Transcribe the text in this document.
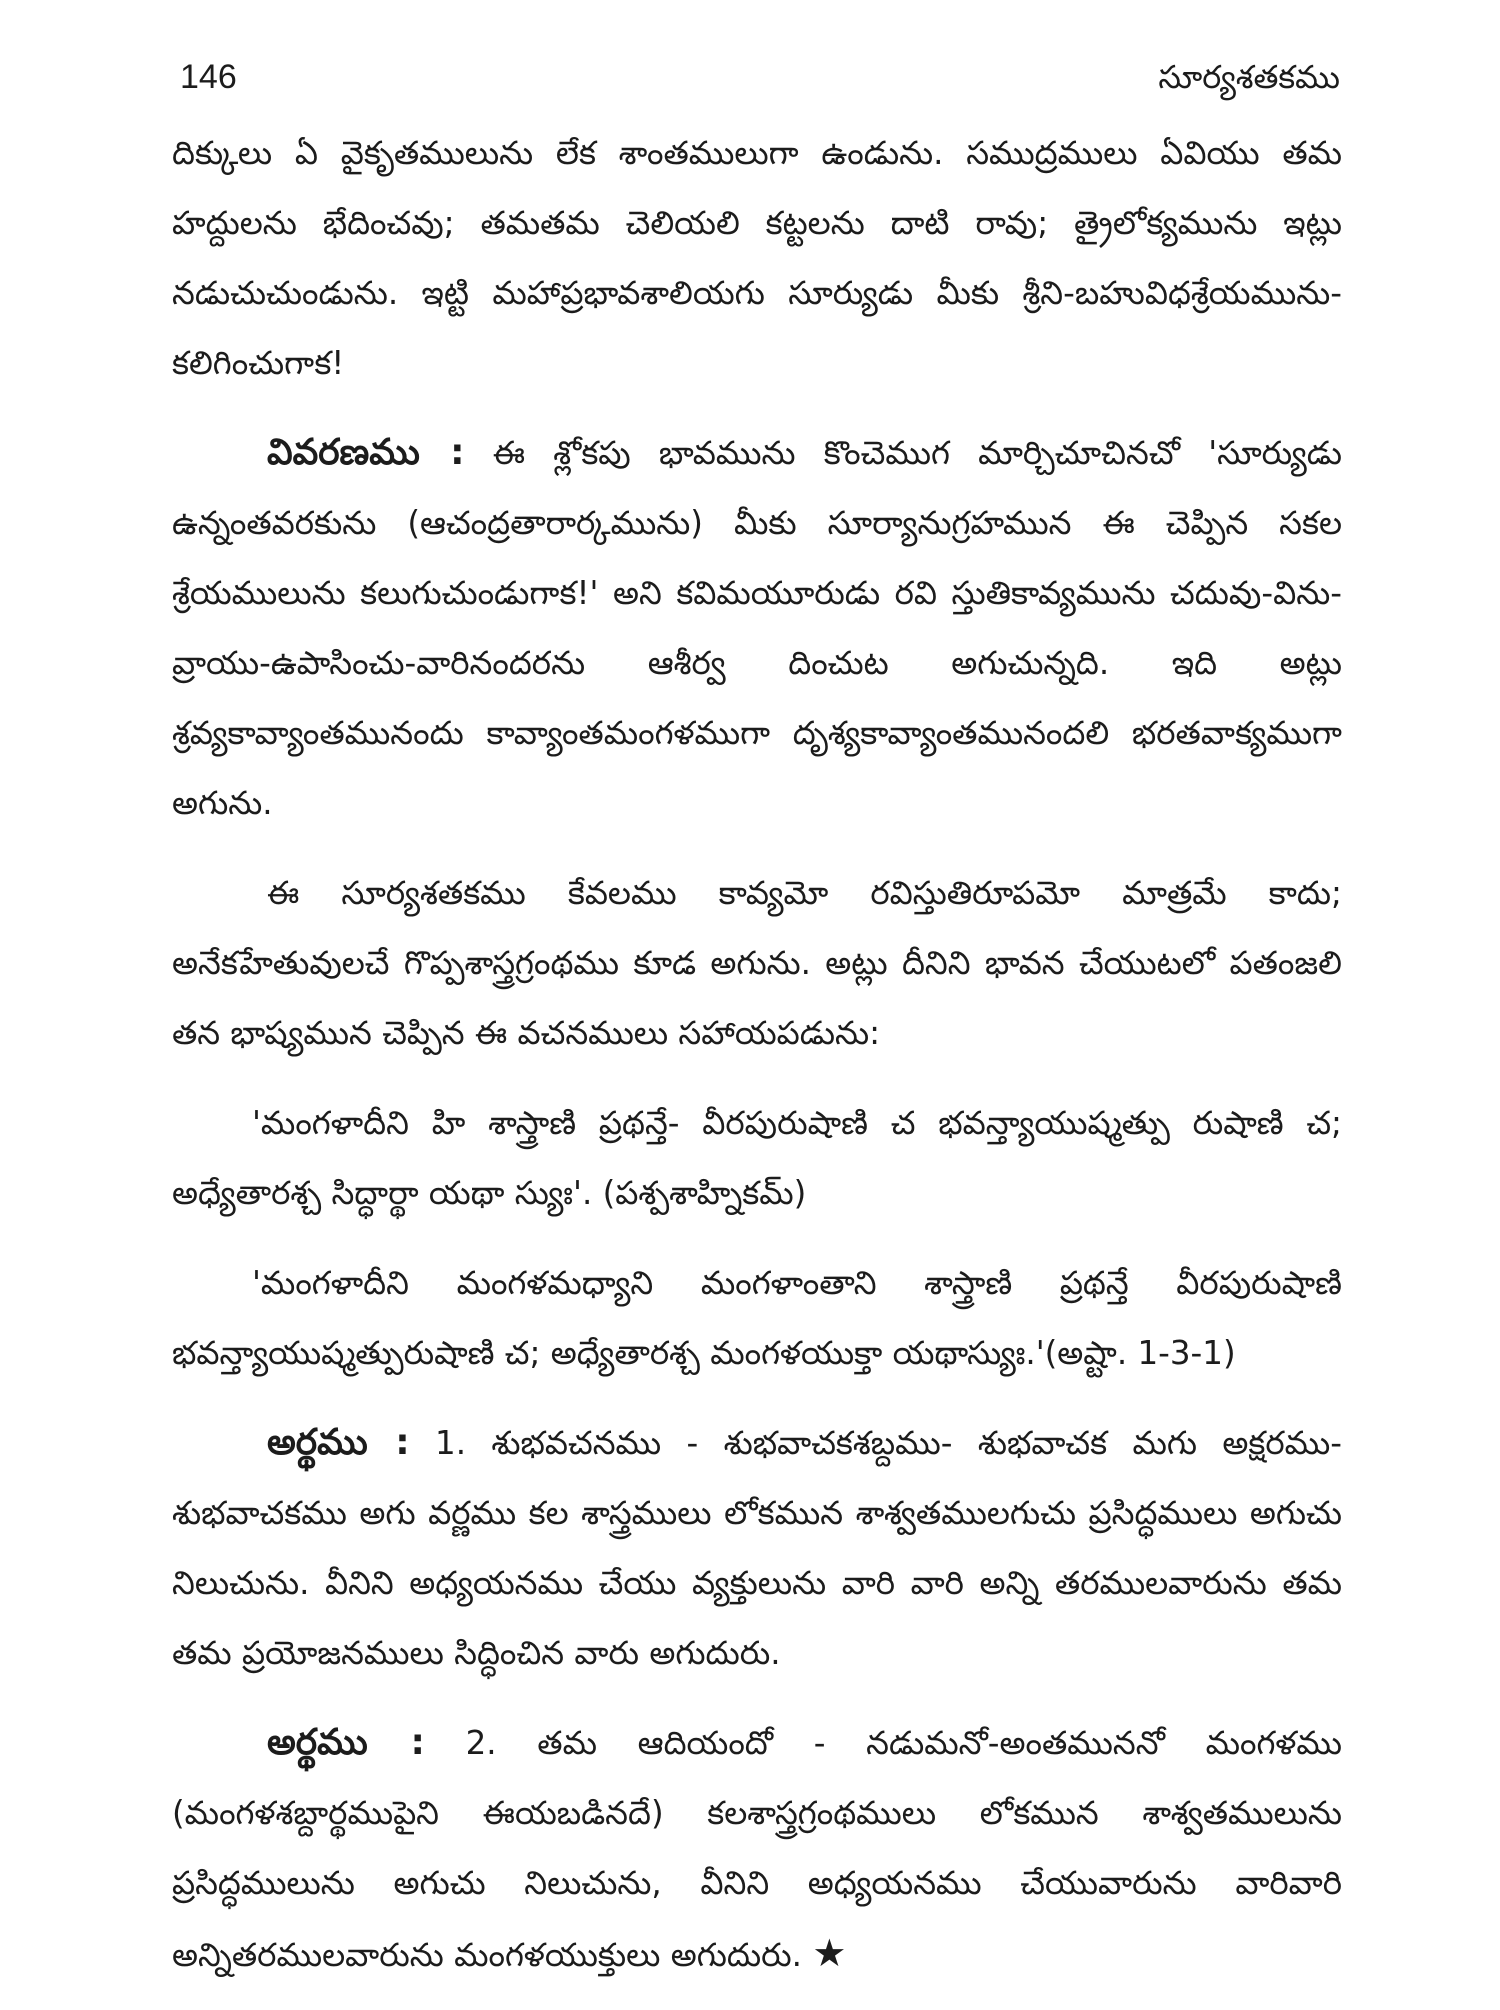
146	సూర్యశతకము

దిక్కులు ఏ వైకృతములును లేక శాంతములుగా ఉండును. సముద్రములు ఏవియు తమ హద్దులను భేదించవు; తమతమ చెలియలి కట్టలను దాటి రావు; త్రైలోక్యమును ఇట్లు నడుచుచుండును. ఇట్టి మహాప్రభావశాలియగు సూర్యుడు మీకు శ్రీని-బహువిధశ్రేయమును- కలిగించుగాక!

వివరణము : ఈ శ్లోకపు భావమును కొంచెముగ మార్చిచూచినచో 'సూర్యుడు ఉన్నంతవరకును (ఆచంద్రతారార్కమును) మీకు సూర్యానుగ్రహమున ఈ చెప్పిన సకల శ్రేయములును కలుగుచుండుగాక!' అని కవిమయూరుడు రవి స్తుతికావ్యమును చదువు-విను-వ్రాయు-ఉపాసించు-వారినందరను ఆశీర్వ దించుట అగుచున్నది. ఇది అట్లు శ్రవ్యకావ్యాంతమునందు కావ్యాంతమంగళముగా దృశ్యకావ్యాంతమునందలి భరతవాక్యముగా అగును.

ఈ సూర్యశతకము కేవలము కావ్యమో రవిస్తుతిరూపమో మాత్రమే కాదు; అనేకహేతువులచే గొప్పశాస్త్రగ్రంథము కూడ అగును. అట్లు దీనిని భావన చేయుటలో పతంజలి తన భాష్యమున చెప్పిన ఈ వచనములు సహాయపడును:

'మంగళాదీని హి శాస్త్రాణి ప్రథన్తే- వీరపురుషాణి చ భవన్త్యాయుష్మత్పు రుషాణి చ; అధ్యేతారశ్చ సిద్ధార్థా యథా స్యుః'. (పశ్పశాహ్నికమ్)

'మంగళాదీని మంగళమధ్యాని మంగళాంతాని శాస్త్రాణి ప్రథన్తే వీరపురుషాణి భవన్త్యాయుష్మత్పురుషాణి చ; అధ్యేతారశ్చ మంగళయుక్తా యథాస్యుః.'(అష్టా. 1-3-1)

అర్థము : 1. శుభవచనము - శుభవాచకశబ్దము- శుభవాచక మగు అక్షరము-శుభవాచకము అగు వర్ణము కల శాస్త్రములు లోకమున శాశ్వతములగుచు ప్రసిద్ధములు అగుచు నిలుచును. వీనిని అధ్యయనము చేయు వ్యక్తులును వారి వారి అన్ని తరములవారును తమ తమ ప్రయోజనములు సిద్ధించిన వారు అగుదురు.

అర్థము : 2. తమ ఆదియందో - నడుమనో-అంతముననో మంగళము (మంగళశబ్దార్థముపైని ఈయబడినదే) కలశాస్త్రగ్రంథములు లోకమున శాశ్వతములును ప్రసిద్ధములును అగుచు నిలుచును, వీనిని అధ్యయనము చేయువారును వారివారి అన్నితరములవారును మంగళయుక్తులు అగుదురు. ★
